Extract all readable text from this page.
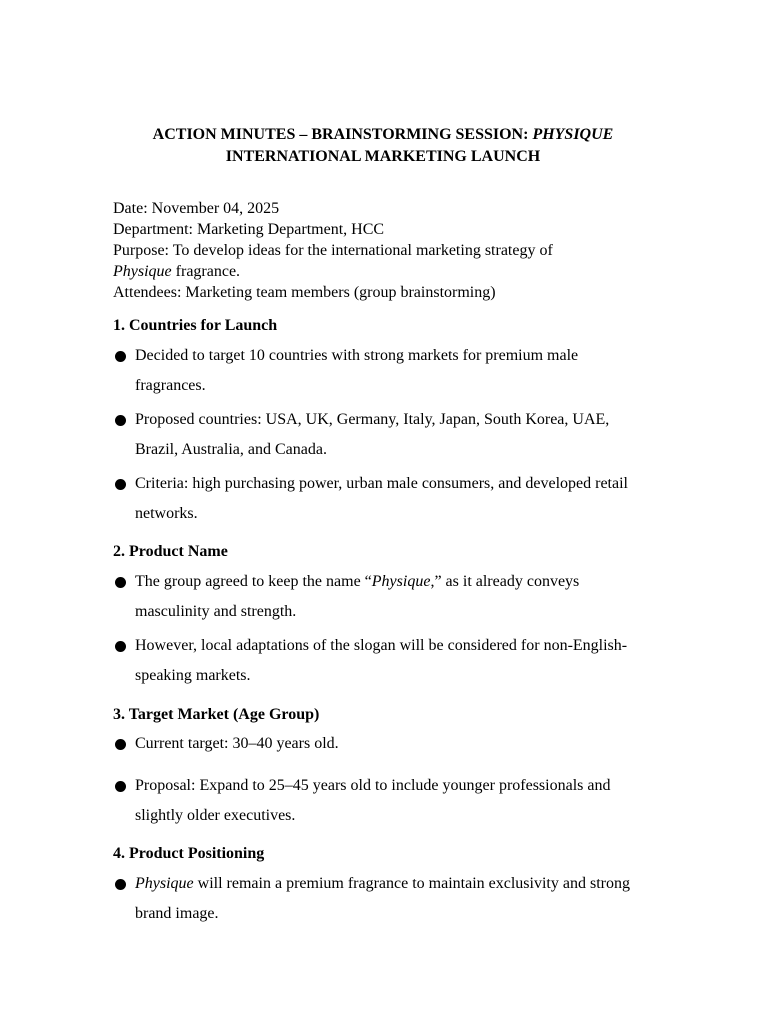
ACTION MINUTES – BRAINSTORMING SESSION: PHYSIQUE
INTERNATIONAL MARKETING LAUNCH
Date: November 04, 2025
Department: Marketing Department, HCC
Purpose: To develop ideas for the international marketing strategy of
Physique fragrance.
Attendees: Marketing team members (group brainstorming)
1. Countries for Launch
Decided to target 10 countries with strong markets for premium male fragrances.
Proposed countries: USA, UK, Germany, Italy, Japan, South Korea, UAE, Brazil, Australia, and Canada.
Criteria: high purchasing power, urban male consumers, and developed retail networks.
2. Product Name
The group agreed to keep the name “Physique,” as it already conveys masculinity and strength.
However, local adaptations of the slogan will be considered for non-English-speaking markets.
3. Target Market (Age Group)
Current target: 30–40 years old.
Proposal: Expand to 25–45 years old to include younger professionals and slightly older executives.
4. Product Positioning
Physique will remain a premium fragrance to maintain exclusivity and strong brand image.
